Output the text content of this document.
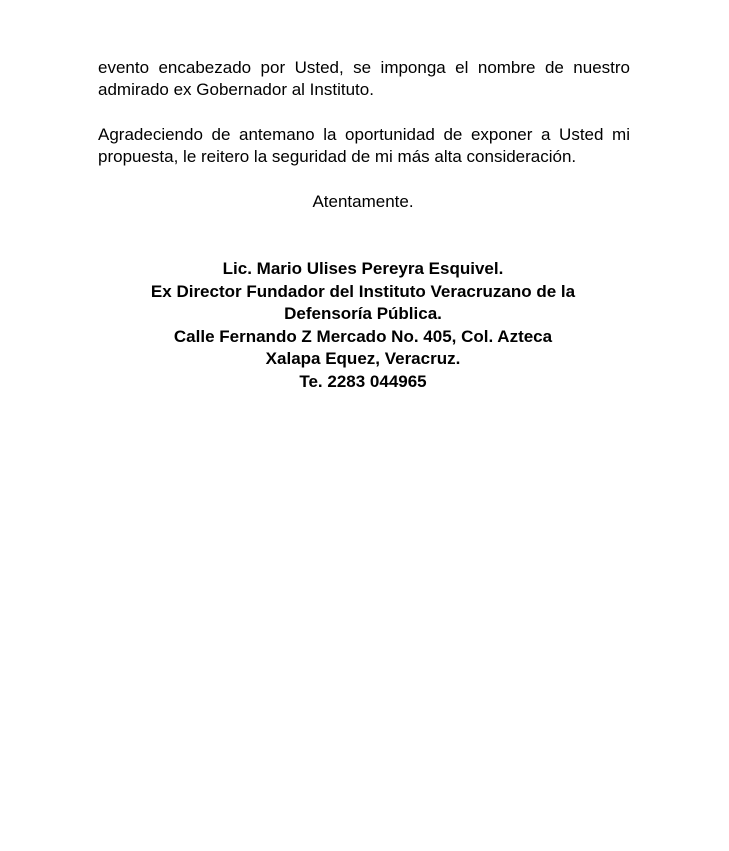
evento encabezado por Usted, se imponga el nombre de nuestro
admirado ex Gobernador al Instituto.
Agradeciendo de antemano la oportunidad de exponer a Usted mi
propuesta, le reitero la seguridad de mi más alta consideración.
Atentamente.
Lic. Mario Ulises Pereyra Esquivel.
Ex Director Fundador del Instituto Veracruzano de la
Defensoría Pública.
Calle Fernando Z Mercado No. 405, Col. Azteca
Xalapa Equez, Veracruz.
Te. 2283 044965
